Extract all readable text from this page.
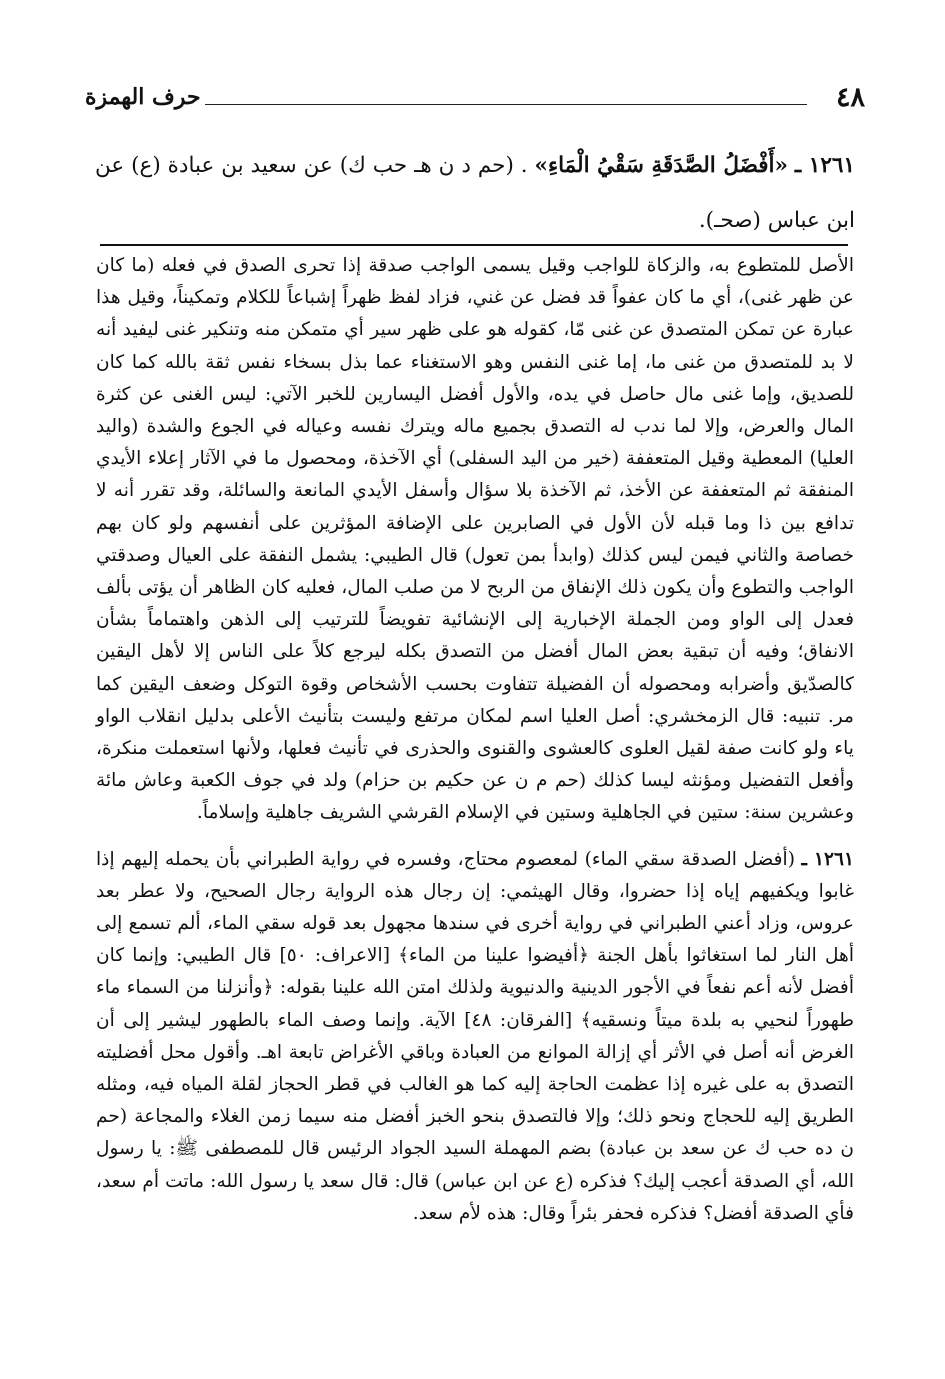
٤٨
حرف الهمزة
١٢٦١ ـ «أَفْضَلُ الصَّدَقَةِ سَقْيُ الْمَاءِ» . (حم د ن هـ حب ك) عن سعيد بن عبادة (ع) عن ابن عباس (صحـ).

الأصل للمتطوع به، والزكاة للواجب وقيل يسمى الواجب صدقة إذا تحرى الصدق في فعله (ما كان عن ظهر غنى)، أي ما كان عفواً قد فضل عن غني، فزاد لفظ ظهراً إشباعاً للكلام وتمكيناً، وقيل هذا عبارة عن تمكن المتصدق عن غنى مّا، كقوله هو على ظهر سير أي متمكن منه وتنكير غنى ليفيد أنه لا بد للمتصدق من غنى ما، إما غنى النفس وهو الاستغناء عما بذل بسخاء نفس ثقة بالله كما كان للصديق، وإما غنى مال حاصل في يده، والأول أفضل اليسارين للخبر الآتي: ليس الغنى عن كثرة المال والعرض، وإلا لما ندب له التصدق بجميع ماله ويترك نفسه وعياله في الجوع والشدة (واليد العليا) المعطية وقيل المتعففة (خير من اليد السفلى) أي الآخذة، ومحصول ما في الآثار إعلاء الأيدي المنفقة ثم المتعففة عن الأخذ، ثم الآخذة بلا سؤال وأسفل الأيدي المانعة والسائلة، وقد تقرر أنه لا تدافع بين ذا وما قبله لأن الأول في الصابرين على الإضافة المؤثرين على أنفسهم ولو كان بهم خصاصة والثاني فيمن ليس كذلك (وابدأ بمن تعول) قال الطيبي: يشمل النفقة على العيال وصدقتي الواجب والتطوع وأن يكون ذلك الإنفاق من الربح لا من صلب المال، فعليه كان الظاهر أن يؤتى بألف فعدل إلى الواو ومن الجملة الإخبارية إلى الإنشائية تفويضاً للترتيب إلى الذهن واهتماماً بشأن الانفاق؛ وفيه أن تبقية بعض المال أفضل من التصدق بكله ليرجع كلاً على الناس إلا لأهل اليقين كالصدّيق وأضرابه ومحصوله أن الفضيلة تتفاوت بحسب الأشخاص وقوة التوكل وضعف اليقين كما مر. تنبيه: قال الزمخشري: أصل العليا اسم لمكان مرتفع وليست بتأنيث الأعلى بدليل انقلاب الواو ياء ولو كانت صفة لقيل العلوى كالعشوى والقنوى والحذرى في تأنيث فعلها، ولأنها استعملت منكرة، وأفعل التفضيل ومؤنثه ليسا كذلك (حم م ن عن حكيم بن حزام) ولد في جوف الكعبة وعاش مائة وعشرين سنة: ستين في الجاهلية وستين في الإسلام القرشي الشريف جاهلية وإسلاماً.

١٢٦١ ـ (أفضل الصدقة سقي الماء) لمعصوم محتاج، وفسره في رواية الطبراني بأن يحمله إليهم إذا غابوا ويكفيهم إياه إذا حضروا، وقال الهيثمي: إن رجال هذه الرواية رجال الصحيح، ولا عطر بعد عروس، وزاد أعني الطبراني في رواية أخرى في سندها مجهول بعد قوله سقي الماء، ألم تسمع إلى أهل النار لما استغاثوا بأهل الجنة ﴿أفيضوا علينا من الماء﴾ [الاعراف: ٥٠] قال الطيبي: وإنما كان أفضل لأنه أعم نفعاً في الأجور الدينية والدنيوية ولذلك امتن الله علينا بقوله: ﴿وأنزلنا من السماء ماء طهوراً لنحيي به بلدة ميتاً ونسقيه﴾ [الفرقان: ٤٨] الآية. وإنما وصف الماء بالطهور ليشير إلى أن الغرض أنه أصل في الأثر أي إزالة الموانع من العبادة وباقي الأغراض تابعة اهـ. وأقول محل أفضليته التصدق به على غيره إذا عظمت الحاجة إليه كما هو الغالب في قطر الحجاز لقلة المياه فيه، ومثله الطريق إليه للحجاج ونحو ذلك؛ وإلا فالتصدق بنحو الخبز أفضل منه سيما زمن الغلاء والمجاعة (حم ن ده حب ك عن سعد بن عبادة) بضم المهملة السيد الجواد الرئيس قال للمصطفى ﷺ: يا رسول الله، أي الصدقة أعجب إليك؟ فذكره (ع عن ابن عباس) قال: قال سعد يا رسول الله: ماتت أم سعد، فأي الصدقة أفضل؟ فذكره فحفر بئراً وقال: هذه لأم سعد.
